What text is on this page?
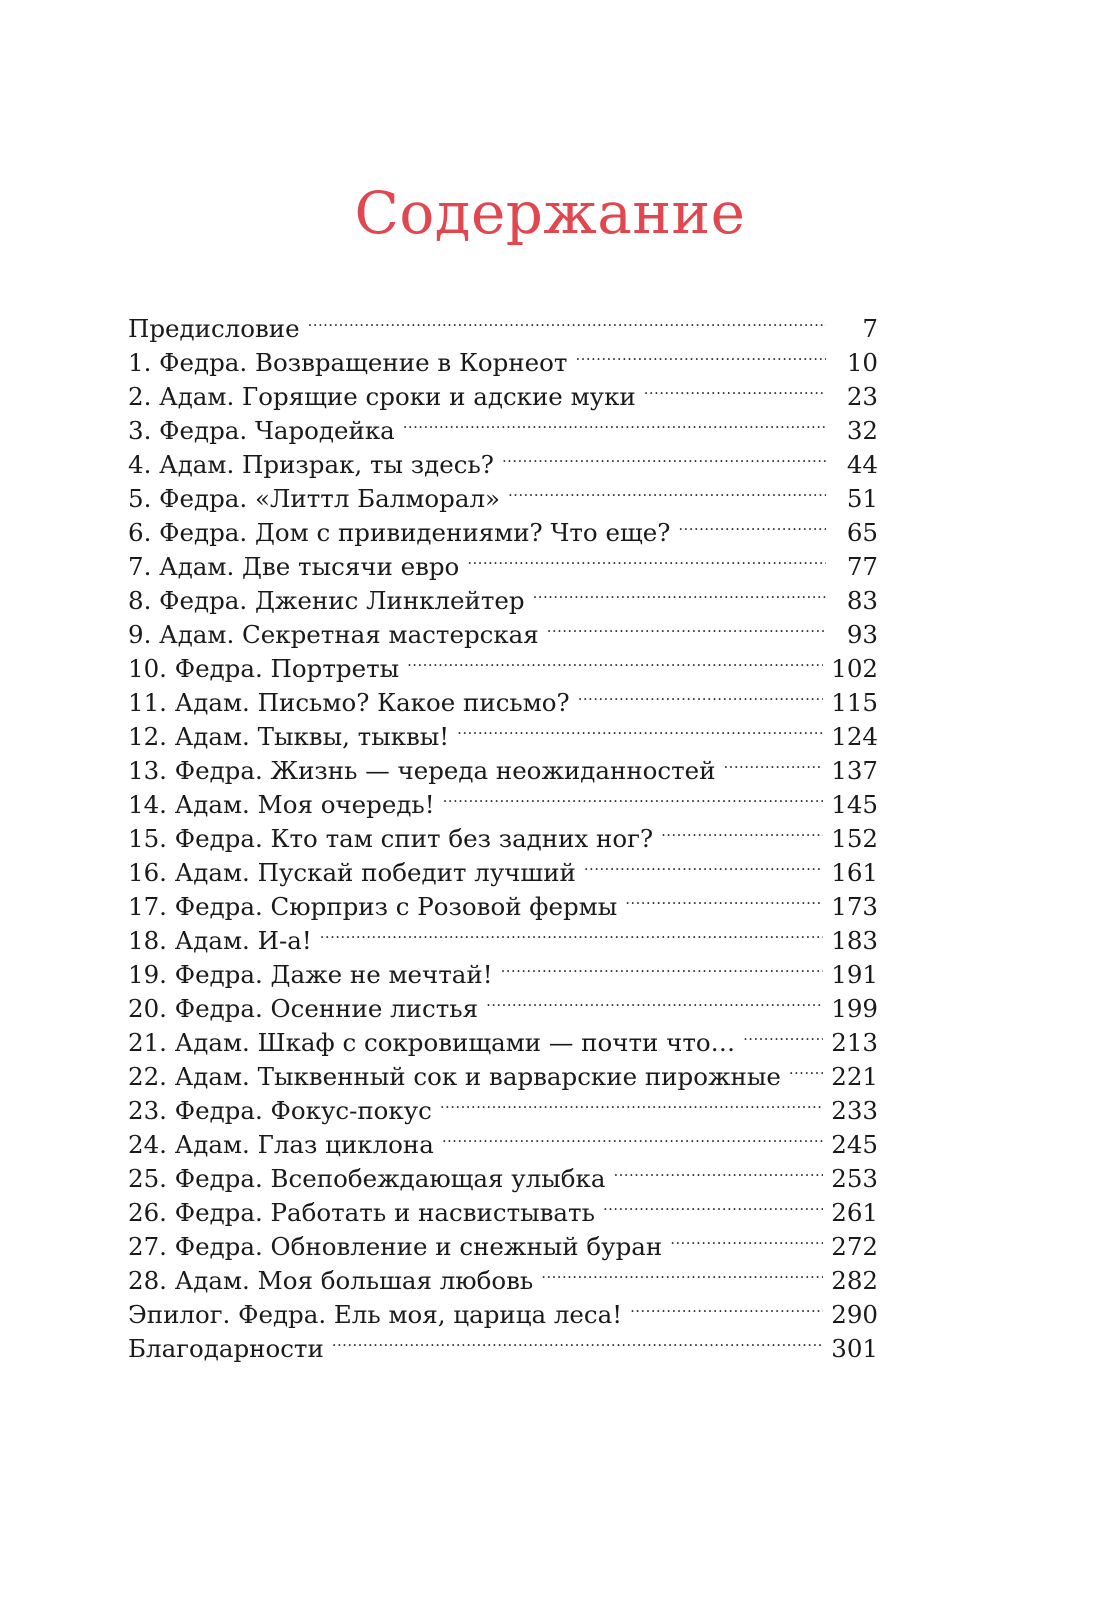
Содержание
Предисловие .....	7
1. Федра. Возвращение в Корнеот .....	10
2. Адам. Горящие сроки и адские муки .....	23
3. Федра. Чародейка .....	32
4. Адам. Призрак, ты здесь? .....	44
5. Федра. «Литтл Балморал» .....	51
6. Федра. Дом с привидениями? Что еще? .....	65
7. Адам. Две тысячи евро .....	77
8. Федра. Дженис Линклейтер .....	83
9. Адам. Секретная мастерская .....	93
10. Федра. Портреты .....	102
11. Адам. Письмо? Какое письмо? .....	115
12. Адам. Тыквы, тыквы! .....	124
13. Федра. Жизнь — череда неожиданностей .....	137
14. Адам. Моя очередь! .....	145
15. Федра. Кто там спит без задних ног? .....	152
16. Адам. Пускай победит лучший .....	161
17. Федра. Сюрприз с Розовой фермы .....	173
18. Адам. И-а! .....	183
19. Федра. Даже не мечтай! .....	191
20. Федра. Осенние листья .....	199
21. Адам. Шкаф с сокровищами — почти что… .....	213
22. Адам. Тыквенный сок и варварские пирожные .....	221
23. Федра. Фокус-покус .....	233
24. Адам. Глаз циклона .....	245
25. Федра. Всепобеждающая улыбка .....	253
26. Федра. Работать и насвистывать .....	261
27. Федра. Обновление и снежный буран .....	272
28. Адам. Моя большая любовь .....	282
Эпилог. Федра. Ель моя, царица леса! .....	290
Благодарности .....	301
